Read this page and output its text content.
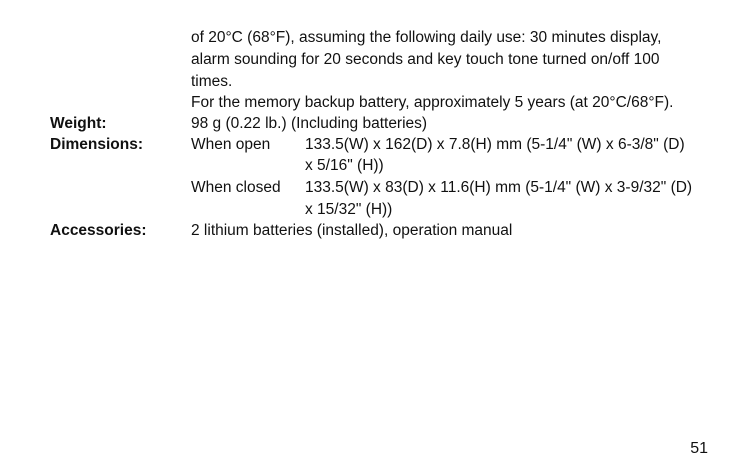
of 20°C (68°F), assuming the following daily use: 30 minutes display,
alarm sounding for 20 seconds and key touch tone turned on/off 100
times.
For the memory backup battery, approximately 5 years (at 20°C/68°F).
Weight:	98 g (0.22 lb.) (Including batteries)
Dimensions:	When open 133.5(W) x 162(D) x 7.8(H) mm (5-1/4" (W) x 6-3/8" (D)
x 5/16" (H))
When closed 133.5(W) x 83(D) x 11.6(H) mm (5-1/4" (W) x 3-9/32" (D)
x 15/32" (H))
Accessories:	2 lithium batteries (installed), operation manual
51
